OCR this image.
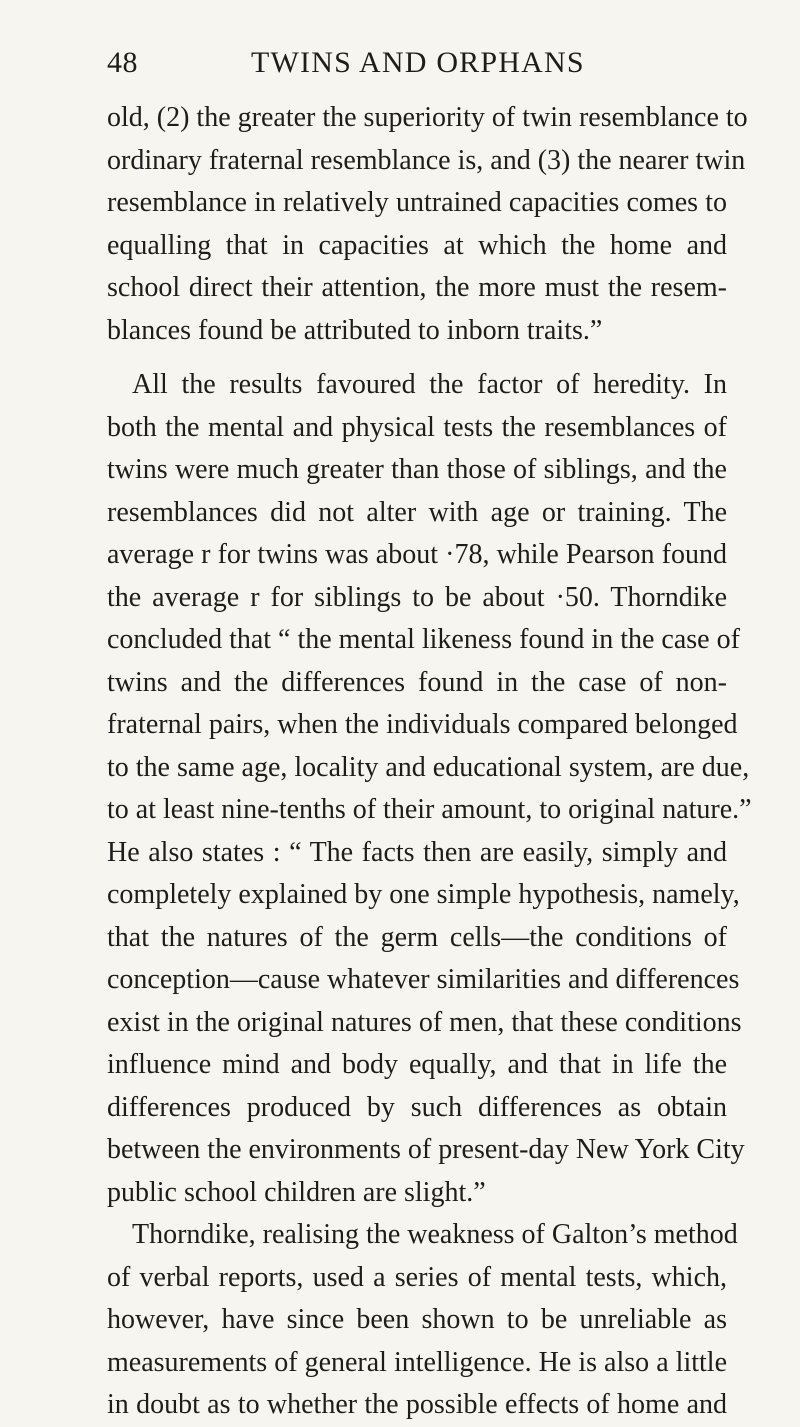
48	TWINS AND ORPHANS
old, (2) the greater the superiority of twin resemblance to
ordinary fraternal resemblance is, and (3) the nearer twin
resemblance in relatively untrained capacities comes to
equalling that in capacities at which the home and
school direct their attention, the more must the resem-
blances found be attributed to inborn traits.”
All the results favoured the factor of heredity. In
both the mental and physical tests the resemblances of
twins were much greater than those of siblings, and the
resemblances did not alter with age or training. The
average r for twins was about ·78, while Pearson found
the average r for siblings to be about ·50. Thorndike
concluded that “ the mental likeness found in the case of
twins and the differences found in the case of non-
fraternal pairs, when the individuals compared belonged
to the same age, locality and educational system, are due,
to at least nine-tenths of their amount, to original nature.”
He also states : “ The facts then are easily, simply and
completely explained by one simple hypothesis, namely,
that the natures of the germ cells—the conditions of
conception—cause whatever similarities and differences
exist in the original natures of men, that these conditions
influence mind and body equally, and that in life the
differences produced by such differences as obtain
between the environments of present-day New York City
public school children are slight.”
Thorndike, realising the weakness of Galton’s method
of verbal reports, used a series of mental tests, which,
however, have since been shown to be unreliable as
measurements of general intelligence. He is also a little
in doubt as to whether the possible effects of home and
